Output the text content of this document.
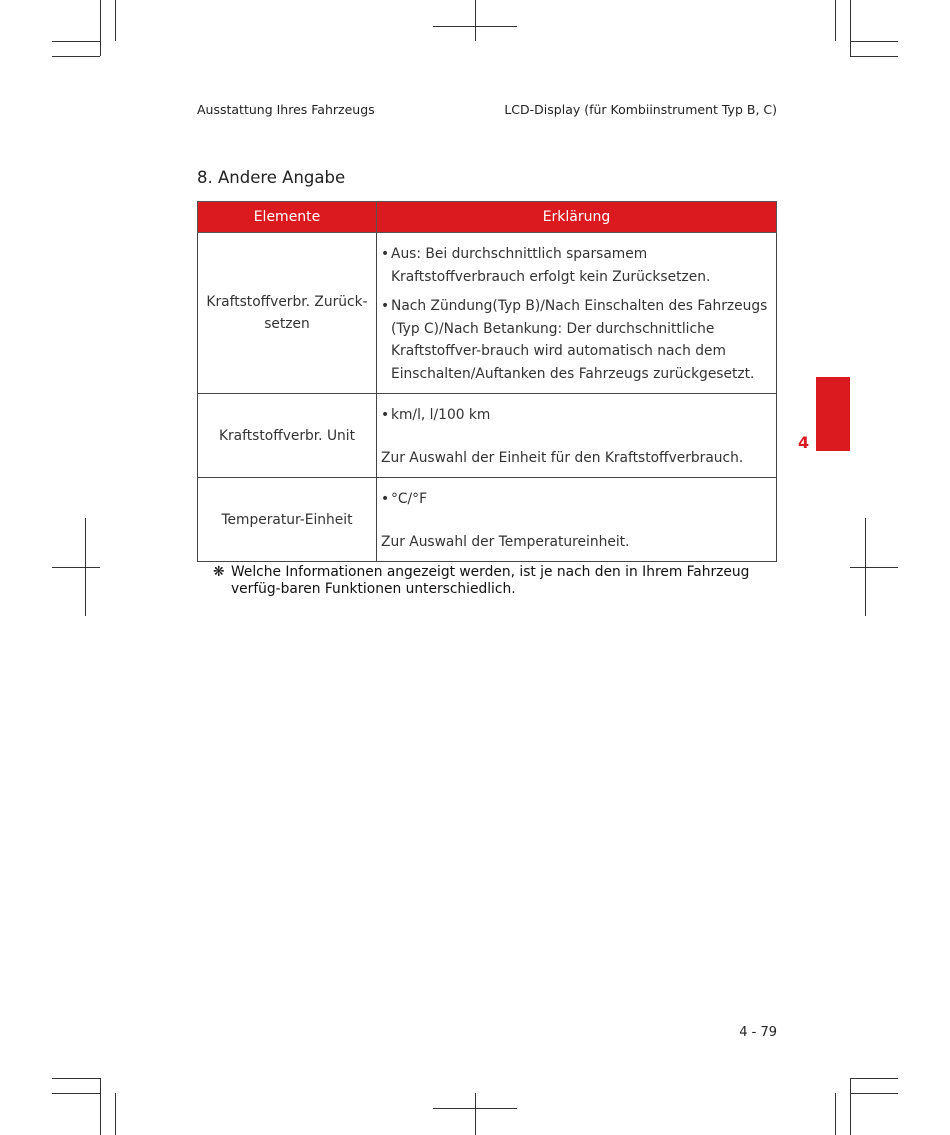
Ausstattung Ihres Fahrzeugs	LCD-Display (für Kombiinstrument Typ B, C)
8. Andere Angabe
Elemente	Erklärung
Kraftstoffverbr. Zurück-setzen	• Aus: Bei durchschnittlich sparsamem Kraftstoffverbrauch erfolgt kein Zurücksetzen.
• Nach Zündung(Typ B)/Nach Einschalten des Fahrzeugs (Typ C)/Nach Betankung: Der durchschnittliche Kraftstoffver-brauch wird automatisch nach dem Einschalten/Auftanken des Fahrzeugs zurückgesetzt.

Kraftstoffverbr. Unit	• km/l, l/100 km
Zur Auswahl der Einheit für den Kraftstoffverbrauch.

Temperatur-Einheit	• °C/°F
Zur Auswahl der Temperatureinheit.
❋ Welche Informationen angezeigt werden, ist je nach den in Ihrem Fahrzeug verfüg-baren Funktionen unterschiedlich.
4
4 - 79
